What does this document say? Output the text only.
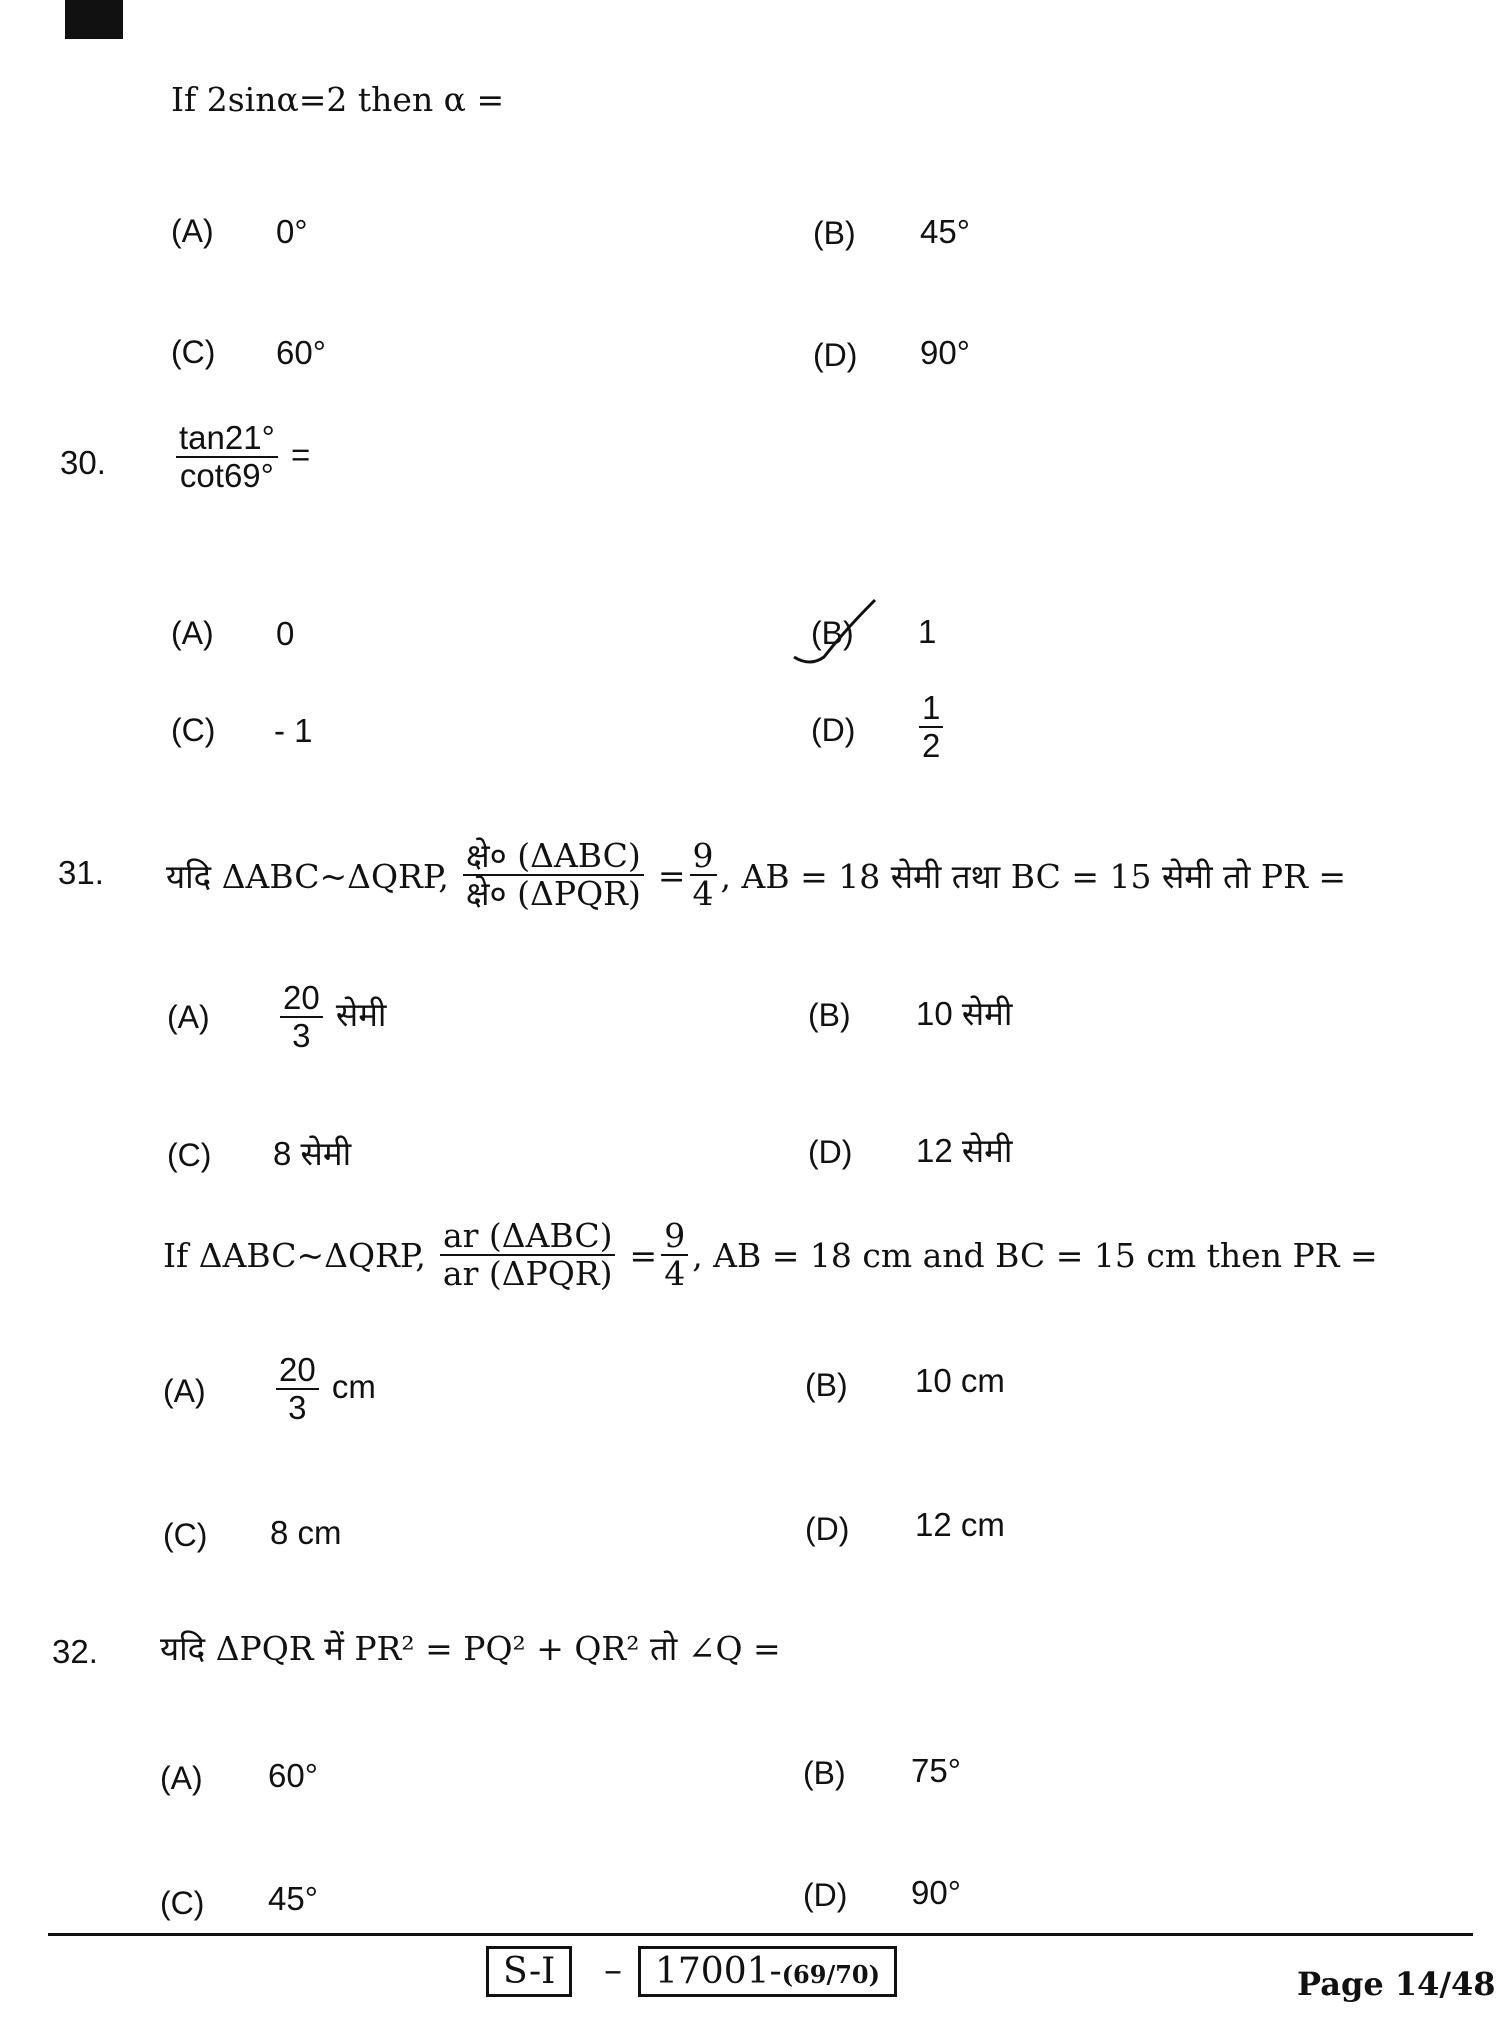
If 2sinα=2 then α =
(A) 0°	(B) 45°
(C) 60°	(D) 90°
30. $\frac{\tan 21^\circ}{\cot 69^\circ}$ =
(A) 0	(B) 1
(C) - 1	$(D) \frac{1}{2}$
31. यदि ΔABC~ΔQRP, $\frac{\text{क्षे० (ΔABC)}}{\text{क्षे० (ΔPQR)}} = \frac{9}{4}$ , AB = 18 सेमी तथा BC = 15 सेमी तो PR =
$(A) \frac{20}{3}$ सेमी	(B) 10 सेमी
(C) 8 सेमी	(D) 12 सेमी
If ΔABC~ΔQRP, $\frac{\text{ar (ΔABC)}}{\text{ar (ΔPQR)}} = \frac{9}{4}$ , AB = 18 cm and BC = 15 cm then PR =
$(A) \frac{20}{3}$ cm	(B) 10 cm
(C) 8 cm	(D) 12 cm
32. यदि ΔPQR में PR² = PQ² + QR² तो ∠Q =
(A) 60°	(B) 75°
(C) 45°	(D) 90°
S-I	– 17001-(69/70)	Page 14/48
